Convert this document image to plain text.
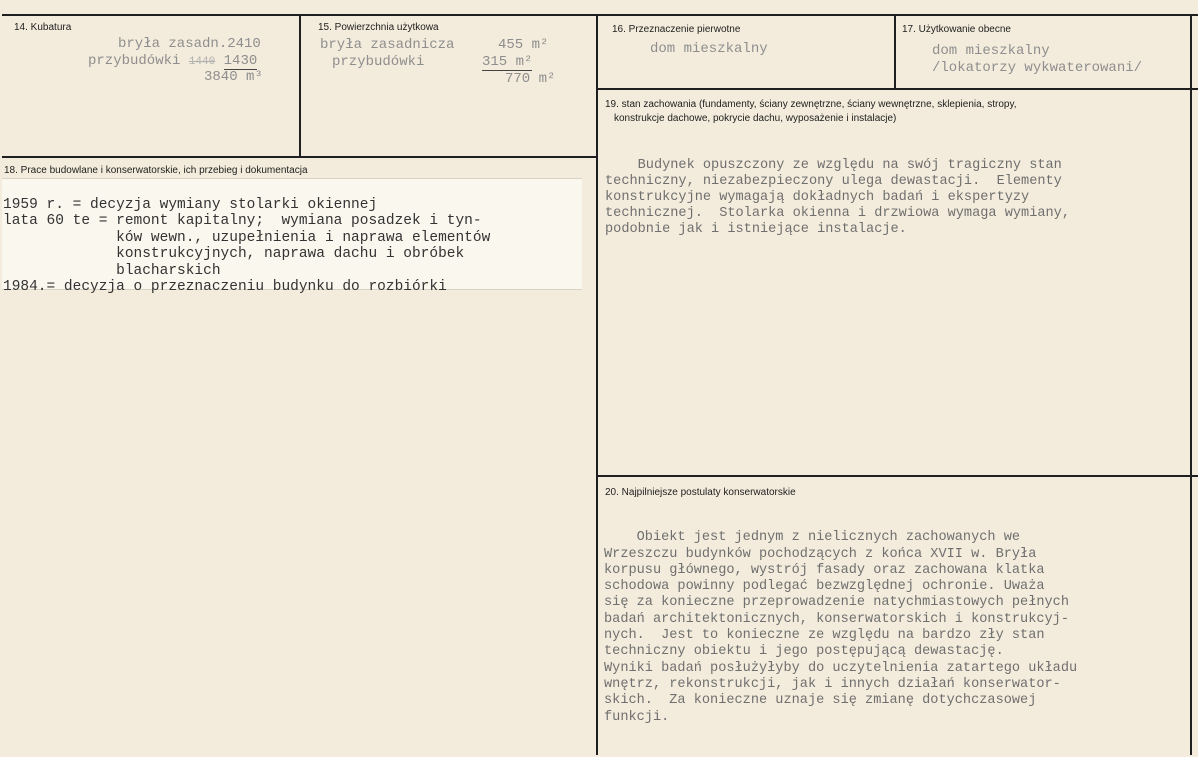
14. Kubatura
bryła zasadn.2410
przybudówki 1440 1430
3840 m³
15. Powierzchnia użytkowa
bryła zasadnicza	455 m²
przybudówki	315 m²
770 m²
16. Przeznaczenie pierwotne
dom mieszkalny
17. Użytkowanie obecne
dom mieszkalny
/lokatorzy wykwaterowani/
19. stan zachowania (fundamenty, ściany zewnętrzne, ściany wewnętrzne, sklepienia, stropy,
konstrukcje dachowe, pokrycie dachu, wyposażenie i instalacje)

Budynek opuszczony ze względu na swój tragiczny stan
techniczny, niezabezpieczony ulega dewastacji.  Elementy
konstrukcyjne wymagają dokładnych badań i ekspertyzy
technicznej.  Stolarka okienna i drzwiowa wymaga wymiany,
podobnie jak i istniejące instalacje.
18. Prace budowlane i konserwatorskie, ich przebieg i dokumentacja

1959 r. = decyzja wymiany stolarki okiennej
lata 60 te = remont kapitalny;  wymiana posadzek i tyn-
ków wewn., uzupełnienia i naprawa elementów
konstrukcyjnych, naprawa dachu i obróbek
blacharskich
1984.= decyzja o przeznaczeniu budynku do rozbiórki
20. Najpilniejsze postulaty konserwatorskie

Obiekt jest jednym z nielicznych zachowanych we
Wrzeszczu budynków pochodzących z końca XVII w. Bryła
korpusu głównego, wystrój fasady oraz zachowana klatka
schodowa powinny podlegać bezwzględnej ochronie. Uważa
się za konieczne przeprowadzenie natychmiastowych pełnych
badań architektonicznych, konserwatorskich i konstrukcyj-
nych.  Jest to konieczne ze względu na bardzo zły stan
techniczny obiektu i jego postępującą dewastację.
Wyniki badań posłużyłyby do uczytelnienia zatartego układu
wnętrz, rekonstrukcji, jak i innych działań konserwator-
skich.  Za konieczne uznaje się zmianę dotychczasowej
funkcji.
